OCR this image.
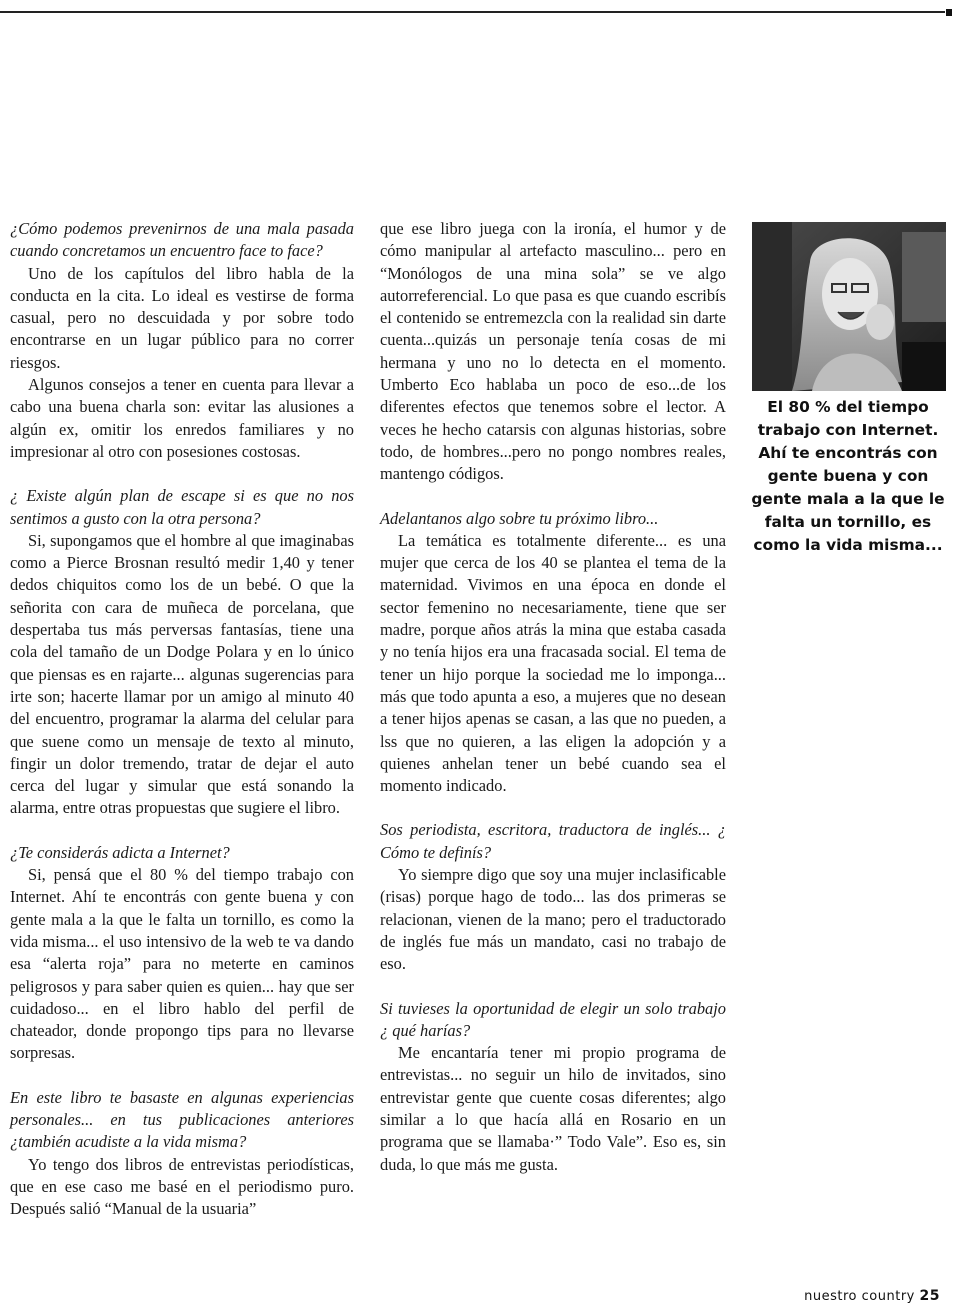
¿Cómo podemos prevenirnos de una mala pasada cuando concretamos un encuentro face to face?

Uno de los capítulos del libro habla de la conducta en la cita. Lo ideal es vestirse de forma casual, pero no descuidada y por sobre todo encontrarse en un lugar público para no correr riesgos.

Algunos consejos a tener en cuenta para llevar a cabo una buena charla son: evitar las alusiones a algún ex, omitir los enredos familiares y no impresionar al otro con posesiones costosas.

¿ Existe algún plan de escape si es que no nos sentimos a gusto con la otra persona?

Si, supongamos que el hombre al que imaginabas como a Pierce Brosnan resultó medir 1,40 y tener dedos chiquitos como los de un bebé. O que la señorita con cara de muñeca de porcelana, que despertaba tus más perversas fantasías, tiene una cola del tamaño de un Dodge Polara y en lo único que piensas es en rajarte... algunas sugerencias para irte son; hacerte llamar por un amigo al minuto 40 del encuentro, programar la alarma del celular para que suene como un mensaje de texto al minuto, fingir un dolor tremendo, tratar de dejar el auto cerca del lugar y simular que está sonando la alarma, entre otras propuestas que sugiere el libro.

¿Te considerás adicta a Internet?

Si, pensá que el 80 % del tiempo trabajo con Internet. Ahí te encontrás con gente buena y con gente mala a la que le falta un tornillo, es como la vida misma... el uso intensivo de la web te va dando esa “alerta roja” para no meterte en caminos peligrosos y para saber quien es quien... hay que ser cuidadoso... en el libro hablo del perfil de chateador, donde propongo tips para no llevarse sorpresas.

En este libro te basaste en algunas experiencias personales... en tus publicaciones anteriores ¿también acudiste a la vida misma?

Yo tengo dos libros de entrevistas periodísticas, que en ese caso me basé en el periodismo puro. Después salió “Manual de la usuaria”

que ese libro juega con la ironía, el humor y de cómo manipular al artefacto masculino... pero en “Monólogos de una mina sola” se ve algo autorreferencial. Lo que pasa es que cuando escribís el contenido se entremezcla con la realidad sin darte cuenta...quizás un personaje tenía cosas de mi hermana y uno no lo detecta en el momento. Umberto Eco hablaba un poco de eso...de los diferentes efectos que tenemos sobre el lector. A veces he hecho catarsis con algunas historias, sobre todo, de hombres...pero no pongo nombres reales, mantengo códigos.

Adelantanos algo sobre tu próximo libro...

La temática es totalmente diferente... es una mujer que cerca de los 40 se plantea el tema de la maternidad. Vivimos en una época en donde el sector femenino no necesariamente, tiene que ser madre, porque años atrás la mina que estaba casada y no tenía hijos era una fracasada social. El tema de tener un hijo porque la sociedad me lo imponga... más que todo apunta a eso, a mujeres que no desean a tener hijos apenas se casan, a las que no pueden, a lss que no quieren, a las eligen la adopción y a quienes anhelan tener un bebé cuando sea el momento indicado.

Sos periodista, escritora, traductora de inglés... ¿ Cómo te definís?

Yo siempre digo que soy una mujer inclasificable (risas) porque hago de todo... las dos primeras se relacionan, vienen de la mano; pero el traductorado de inglés fue más un mandato, casi no trabajo de eso.

Si tuvieses la oportunidad de elegir un solo trabajo ¿ qué harías?

Me encantaría tener mi propio programa de entrevistas... no seguir un hilo de invitados, sino entrevistar gente que cuente cosas diferentes; algo similar a lo que hacía allá en Rosario en un programa que se llamaba·” Todo Vale”. Eso es, sin duda, lo que más me gusta.

El 80 % del tiempo trabajo con Internet. Ahí te encontrás con gente buena y con gente mala a la que le falta un tornillo, es como la vida misma...
nuestro country 25
